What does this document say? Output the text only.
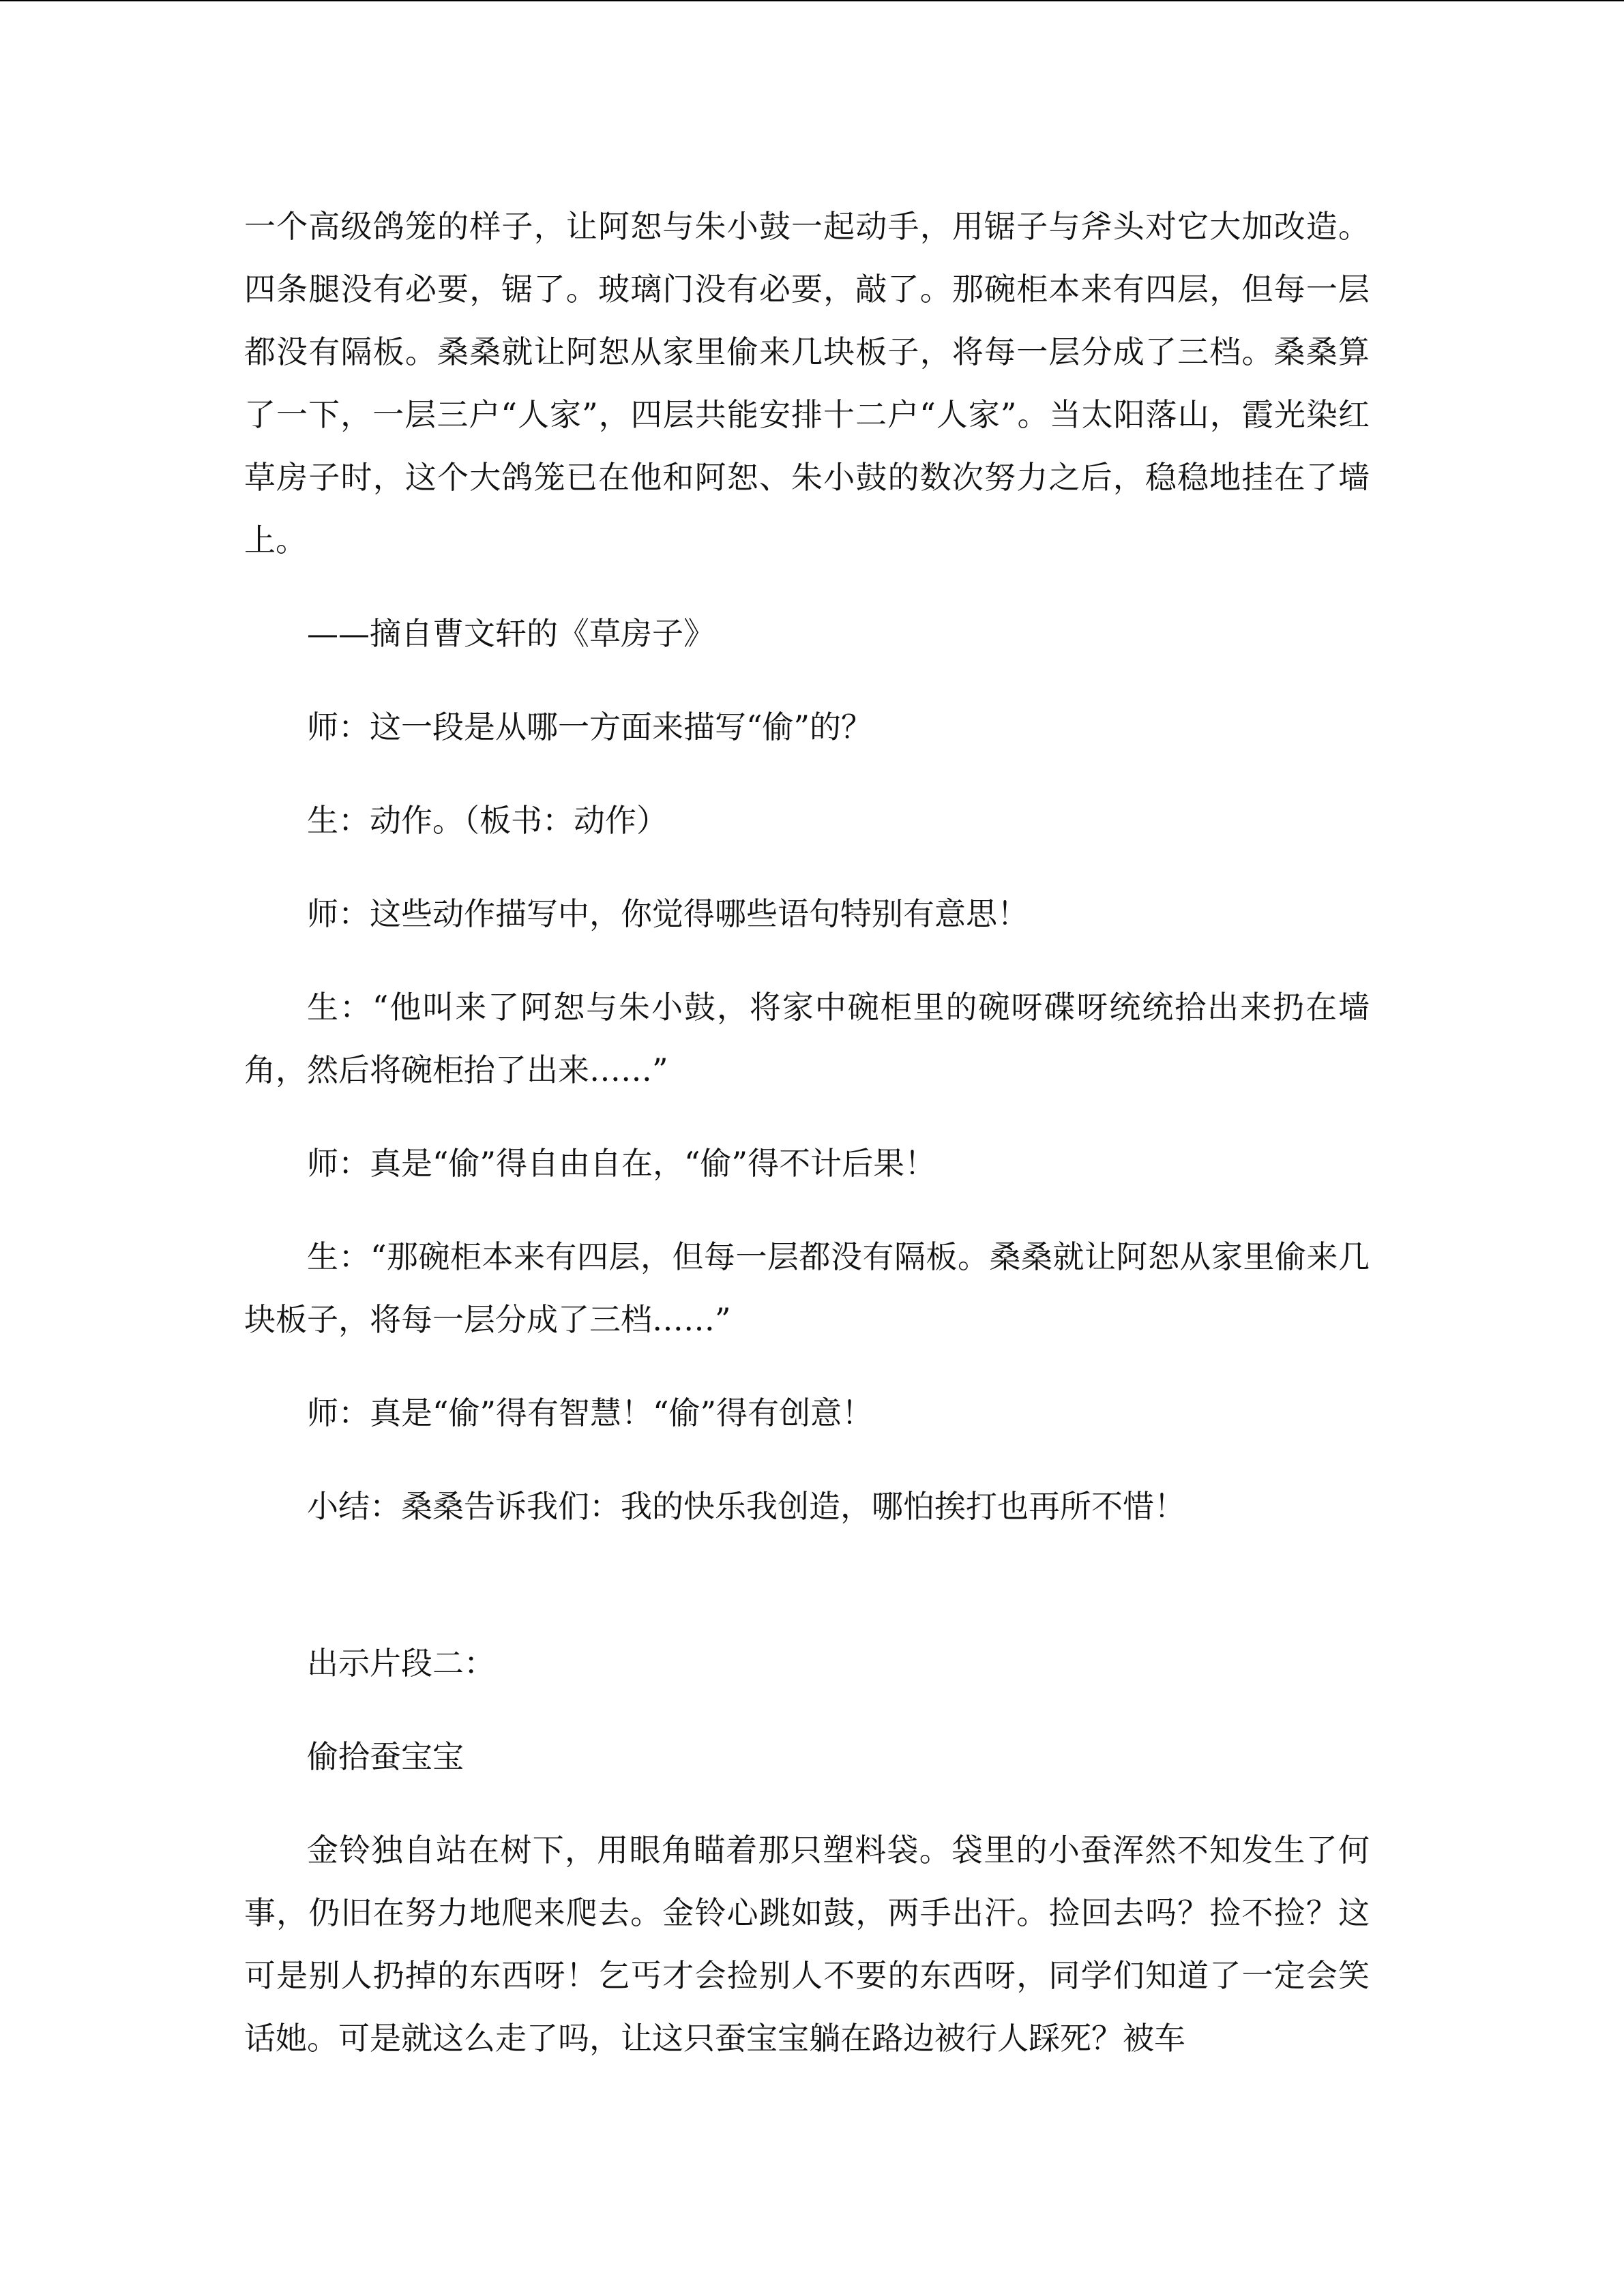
一个高级鸽笼的样子，让阿恕与朱小鼓一起动手，用锯子与斧头对它大加改造。四条腿没有必要，锯了。玻璃门没有必要，敲了。那碗柜本来有四层，但每一层都没有隔板。桑桑就让阿恕从家里偷来几块板子，将每一层分成了三档。桑桑算了一下，一层三户“人家”，四层共能安排十二户“人家”。当太阳落山，霞光染红草房子时，这个大鸽笼已在他和阿恕、朱小鼓的数次努力之后，稳稳地挂在了墙上。

——摘自曹文轩的《草房子》

师：这一段是从哪一方面来描写“偷”的？

生：动作。（板书：动作）

师：这些动作描写中，你觉得哪些语句特别有意思！

生：“他叫来了阿恕与朱小鼓，将家中碗柜里的碗呀碟呀统统拾出来扔在墙角，然后将碗柜抬了出来……”

师：真是“偷”得自由自在，“偷”得不计后果！

生：“那碗柜本来有四层，但每一层都没有隔板。桑桑就让阿恕从家里偷来几块板子，将每一层分成了三档……”

师：真是“偷”得有智慧！“偷”得有创意！

小结：桑桑告诉我们：我的快乐我创造，哪怕挨打也再所不惜！

出示片段二：

偷拾蚕宝宝

金铃独自站在树下，用眼角瞄着那只塑料袋。袋里的小蚕浑然不知发生了何事，仍旧在努力地爬来爬去。金铃心跳如鼓，两手出汗。捡回去吗？捡不捡？这可是别人扔掉的东西呀！乞丐才会捡别人不要的东西呀，同学们知道了一定会笑话她。可是就这么走了吗，让这只蚕宝宝躺在路边被行人踩死？被车
